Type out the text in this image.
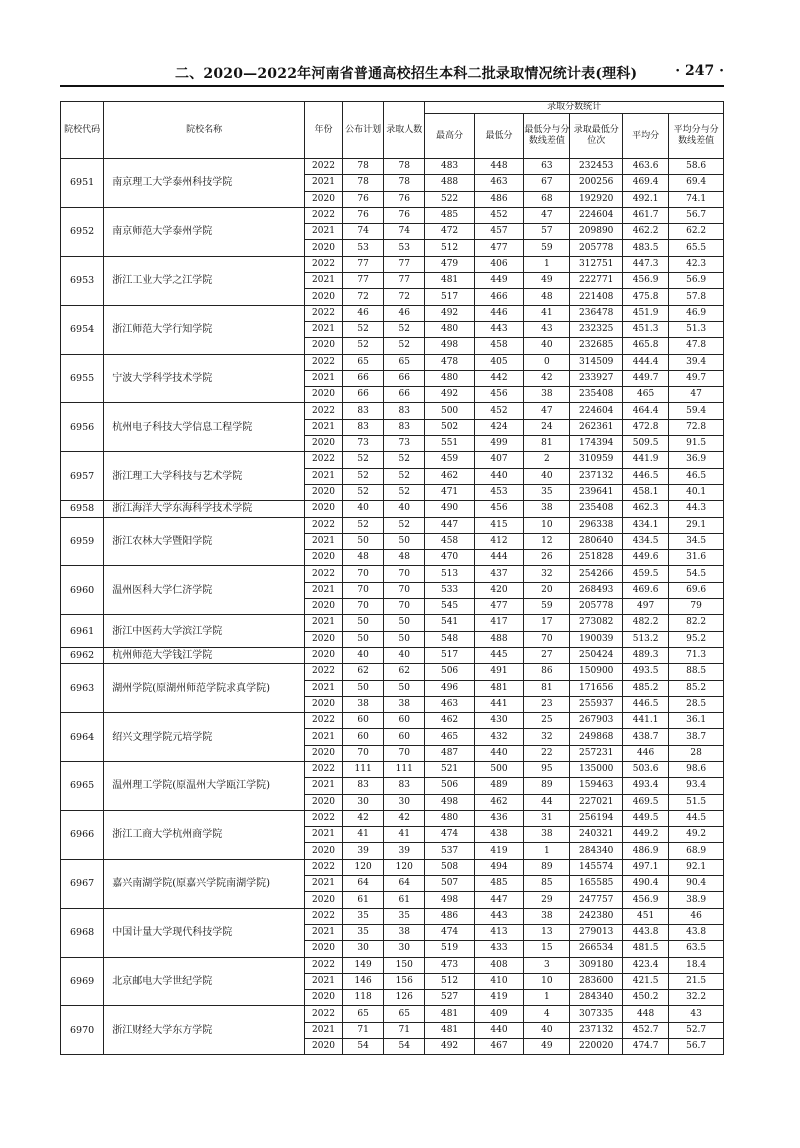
二、2020—2022年河南省普通高校招生本科二批录取情况统计表(理科)	· 247 ·
院校代码	院校名称	年份	公布计划	录取人数	录取分数统计					
					最高分	最低分	最低分与分数线差值	录取最低分位次	平均分	平均分与分数线差值
6951	南京理工大学泰州科技学院	2022	78	78	483	448	63	232453	463.6	58.6
		2021	78	78	488	463	67	200256	469.4	69.4
		2020	76	76	522	486	68	192920	492.1	74.1
6952	南京师范大学泰州学院	2022	76	76	485	452	47	224604	461.7	56.7
		2021	74	74	472	457	57	209890	462.2	62.2
		2020	53	53	512	477	59	205778	483.5	65.5
6953	浙江工业大学之江学院	2022	77	77	479	406	1	312751	447.3	42.3
		2021	77	77	481	449	49	222771	456.9	56.9
		2020	72	72	517	466	48	221408	475.8	57.8
6954	浙江师范大学行知学院	2022	46	46	492	446	41	236478	451.9	46.9
		2021	52	52	480	443	43	232325	451.3	51.3
		2020	52	52	498	458	40	232685	465.8	47.8
6955	宁波大学科学技术学院	2022	65	65	478	405	0	314509	444.4	39.4
		2021	66	66	480	442	42	233927	449.7	49.7
		2020	66	66	492	456	38	235408	465	47
6956	杭州电子科技大学信息工程学院	2022	83	83	500	452	47	224604	464.4	59.4
		2021	83	83	502	424	24	262361	472.8	72.8
		2020	73	73	551	499	81	174394	509.5	91.5
6957	浙江理工大学科技与艺术学院	2022	52	52	459	407	2	310959	441.9	36.9
		2021	52	52	462	440	40	237132	446.5	46.5
		2020	52	52	471	453	35	239641	458.1	40.1
6958	浙江海洋大学东海科学技术学院	2020	40	40	490	456	38	235408	462.3	44.3
6959	浙江农林大学暨阳学院	2022	52	52	447	415	10	296338	434.1	29.1
		2021	50	50	458	412	12	280640	434.5	34.5
		2020	48	48	470	444	26	251828	449.6	31.6
6960	温州医科大学仁济学院	2022	70	70	513	437	32	254266	459.5	54.5
		2021	70	70	533	420	20	268493	469.6	69.6
		2020	70	70	545	477	59	205778	497	79
6961	浙江中医药大学滨江学院	2021	50	50	541	417	17	273082	482.2	82.2
		2020	50	50	548	488	70	190039	513.2	95.2
6962	杭州师范大学钱江学院	2020	40	40	517	445	27	250424	489.3	71.3
6963	湖州学院(原湖州师范学院求真学院)	2022	62	62	506	491	86	150900	493.5	88.5
		2021	50	50	496	481	81	171656	485.2	85.2
		2020	38	38	463	441	23	255937	446.5	28.5
6964	绍兴文理学院元培学院	2022	60	60	462	430	25	267903	441.1	36.1
		2021	60	60	465	432	32	249868	438.7	38.7
		2020	70	70	487	440	22	257231	446	28
6965	温州理工学院(原温州大学瓯江学院)	2022	111	111	521	500	95	135000	503.6	98.6
		2021	83	83	506	489	89	159463	493.4	93.4
		2020	30	30	498	462	44	227021	469.5	51.5
6966	浙江工商大学杭州商学院	2022	42	42	480	436	31	256194	449.5	44.5
		2021	41	41	474	438	38	240321	449.2	49.2
		2020	39	39	537	419	1	284340	486.9	68.9
6967	嘉兴南湖学院(原嘉兴学院南湖学院)	2022	120	120	508	494	89	145574	497.1	92.1
		2021	64	64	507	485	85	165585	490.4	90.4
		2020	61	61	498	447	29	247757	456.9	38.9
6968	中国计量大学现代科技学院	2022	35	35	486	443	38	242380	451	46
		2021	35	38	474	413	13	279013	443.8	43.8
		2020	30	30	519	433	15	266534	481.5	63.5
6969	北京邮电大学世纪学院	2022	149	150	473	408	3	309180	423.4	18.4
		2021	146	156	512	410	10	283600	421.5	21.5
		2020	118	126	527	419	1	284340	450.2	32.2
6970	浙江财经大学东方学院	2022	65	65	481	409	4	307335	448	43
		2021	71	71	481	440	40	237132	452.7	52.7
		2020	54	54	492	467	49	220020	474.7	56.7
